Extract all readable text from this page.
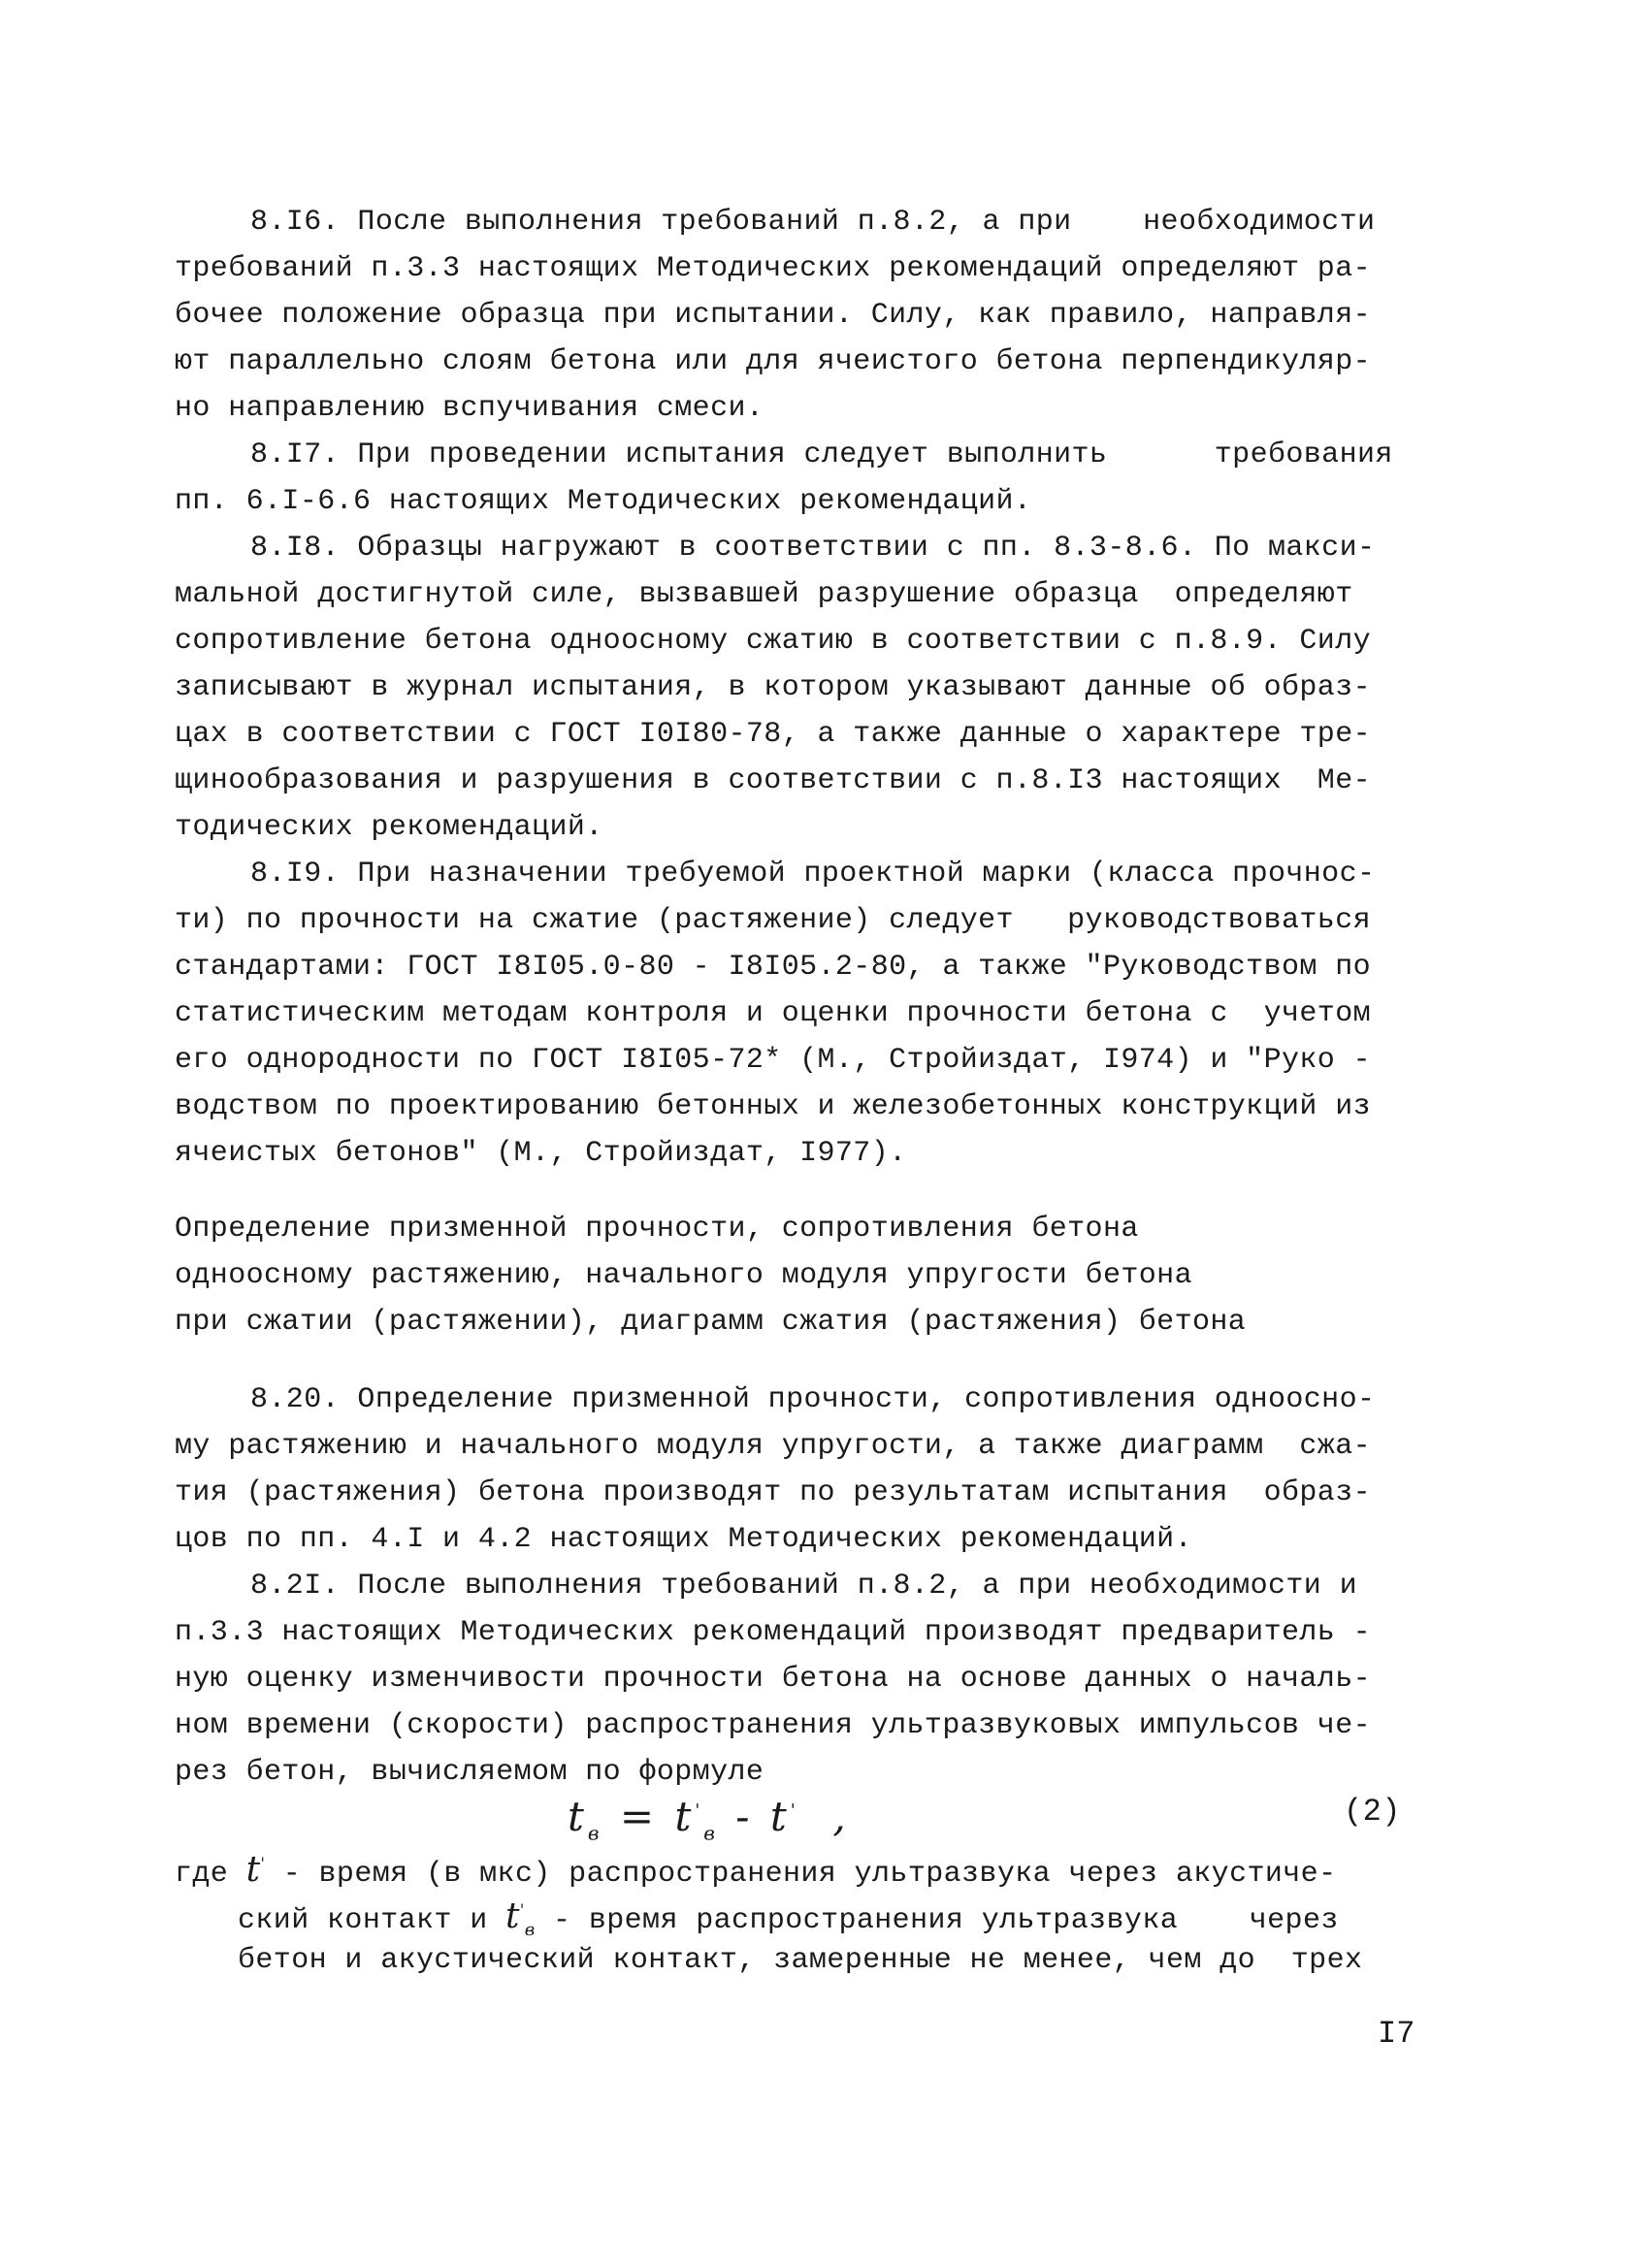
8.I6. После выполнения требований п.8.2, а при    необходимости

требований п.3.3 настоящих Методических рекомендаций определяют ра-

бочее положение образца при испытании. Силу, как правило, направля-

ют параллельно слоям бетона или для ячеистого бетона перпендикуляр-

но направлению вспучивания смеси.

8.I7. При проведении испытания следует выполнить      требования

пп. 6.I-6.6 настоящих Методических рекомендаций.

8.I8. Образцы нагружают в соответствии с пп. 8.3-8.6. По макси-

мальной достигнутой силе, вызвавшей разрушение образца  определяют

сопротивление бетона одноосному сжатию в соответствии с п.8.9. Силу

записывают в журнал испытания, в котором указывают данные об образ-

цах в соответствии с ГОСТ I0I80-78, а также данные о характере тре-

щинообразования и разрушения в соответствии с п.8.I3 настоящих  Ме-

тодических рекомендаций.

8.I9. При назначении требуемой проектной марки (класса прочнос-

ти) по прочности на сжатие (растяжение) следует   руководствоваться

стандартами: ГОСТ I8I05.0-80 - I8I05.2-80, а также "Руководством по

статистическим методам контроля и оценки прочности бетона с  учетом

его однородности по ГОСТ I8I05-72* (М., Стройиздат, I974) и "Руко -

водством по проектированию бетонных и железобетонных конструкций из

ячеистых бетонов" (М., Стройиздат, I977).

Определение призменной прочности, сопротивления бетона

одноосному растяжению, начального модуля упругости бетона

при сжатии (растяжении), диаграмм сжатия (растяжения) бетона

8.20. Определение призменной прочности, сопротивления одноосно-

му растяжению и начального модуля упругости, а также диаграмм  сжа-

тия (растяжения) бетона производят по результатам испытания  образ-

цов по пп. 4.I и 4.2 настоящих Методических рекомендаций.

8.2I. После выполнения требований п.8.2, а при необходимости и

п.3.3 настоящих Методических рекомендаций производят предваритель -

ную оценку изменчивости прочности бетона на основе данных о началь-

ном времени (скорости) распространения ультразвуковых импульсов че-

рез бетон, вычисляемом по формуле

$t_в = t'_в - t'$ ,	(2)

где t' - время (в мкс) распространения ультразвука через акустиче-

ский контакт и $t'_в$ - время распространения ультразвука    через

бетон и акустический контакт, замеренные не менее, чем до  трех

I7
